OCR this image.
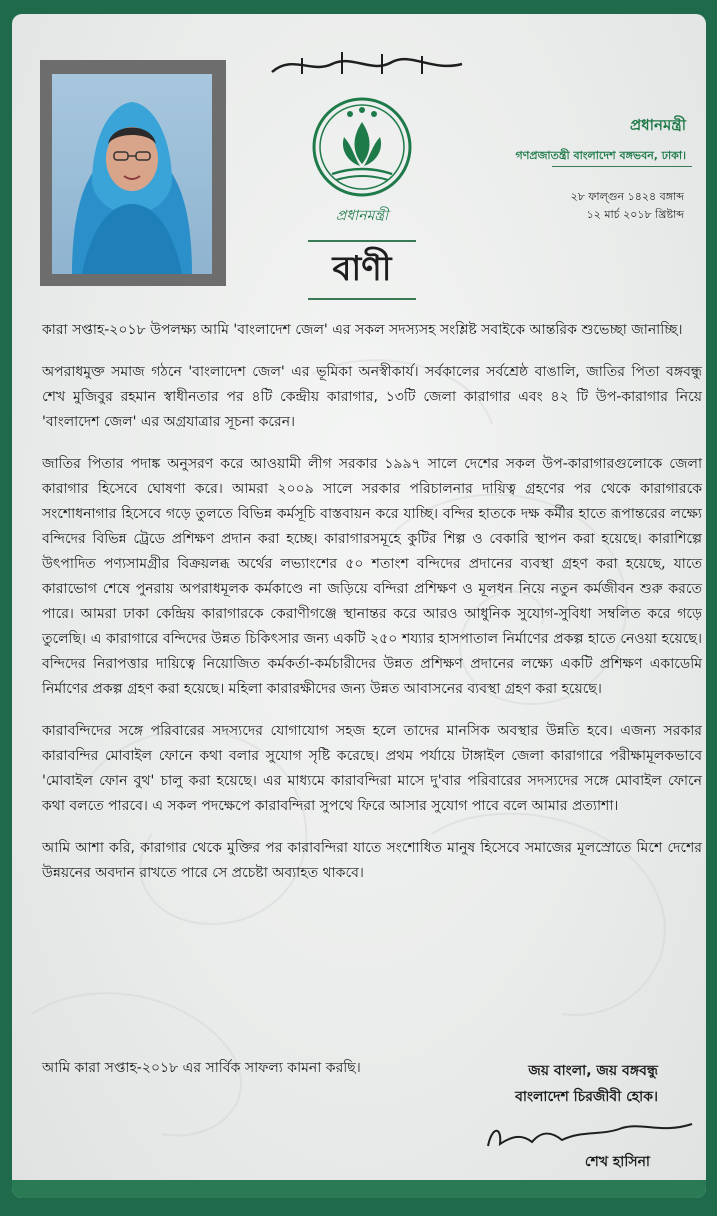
প্রধানমন্ত্রী
বাণী
প্রধানমন্ত্রী
গণপ্রজাতন্ত্রী বাংলাদেশ বঙ্গভবন, ঢাকা।
২৮ ফাল্গুন ১৪২৪ বঙ্গাব্দ
১২ মার্চ ২০১৮ খ্রিষ্টাব্দ

কারা সপ্তাহ-২০১৮ উপলক্ষ্য আমি 'বাংলাদেশ জেল' এর সকল সদস্যসহ সংশ্লিষ্ট সবাইকে আন্তরিক শুভেচ্ছা জানাচ্ছি।

অপরাধমুক্ত সমাজ গঠনে 'বাংলাদেশ জেল' এর ভূমিকা অনস্বীকার্য। সর্বকালের সর্বশ্রেষ্ঠ বাঙালি, জাতির পিতা বঙ্গবন্ধু শেখ মুজিবুর রহমান স্বাধীনতার পর ৪টি কেন্দ্রীয় কারাগার, ১৩টি জেলা কারাগার এবং ৪২ টি উপ-কারাগার নিয়ে 'বাংলাদেশ জেল' এর অগ্রযাত্রার সূচনা করেন।

জাতির পিতার পদাঙ্ক অনুসরণ করে আওয়ামী লীগ সরকার ১৯৯৭ সালে দেশের সকল উপ-কারাগারগুলোকে জেলা কারাগার হিসেবে ঘোষণা করে। আমরা ২০০৯ সালে সরকার পরিচালনার দায়িত্ব গ্রহণের পর থেকে কারাগারকে সংশোধনাগার হিসেবে গড়ে তুলতে বিভিন্ন কর্মসূচি বাস্তবায়ন করে যাচ্ছি। বন্দির হাতকে দক্ষ কর্মীর হাতে রূপান্তরের লক্ষ্যে বন্দিদের বিভিন্ন ট্রেডে প্রশিক্ষণ প্রদান করা হচ্ছে। কারাগারসমূহে কুটির শিল্প ও বেকারি স্থাপন করা হয়েছে। কারাশিল্পে উৎপাদিত পণ্যসামগ্রীর বিক্রয়লব্ধ অর্থের লভ্যাংশের ৫০ শতাংশ বন্দিদের প্রদানের ব্যবস্থা গ্রহণ করা হয়েছে, যাতে কারাভোগ শেষে পুনরায় অপরাধমূলক কর্মকাণ্ডে না জড়িয়ে বন্দিরা প্রশিক্ষণ ও মূলধন নিয়ে নতুন কর্মজীবন শুরু করতে পারে। আমরা ঢাকা কেন্দ্রিয় কারাগারকে কেরাণীগঞ্জে স্থানান্তর করে আরও আধুনিক সুযোগ-সুবিধা সম্বলিত করে গড়ে তুলেছি। এ কারাগারে বন্দিদের উন্নত চিকিৎসার জন্য একটি ২৫০ শয্যার হাসপাতাল নির্মাণের প্রকল্প হাতে নেওয়া হয়েছে। বন্দিদের নিরাপত্তার দায়িত্বে নিয়োজিত কর্মকর্তা-কর্মচারীদের উন্নত প্রশিক্ষণ প্রদানের লক্ষ্যে একটি প্রশিক্ষণ একাডেমি নির্মাণের প্রকল্প গ্রহণ করা হয়েছে। মহিলা কারারক্ষীদের জন্য উন্নত আবাসনের ব্যবস্থা গ্রহণ করা হয়েছে।

কারাবন্দিদের সঙ্গে পরিবারের সদস্যদের যোগাযোগ সহজ হলে তাদের মানসিক অবস্থার উন্নতি হবে। এজন্য সরকার কারাবন্দির মোবাইল ফোনে কথা বলার সুযোগ সৃষ্টি করেছে। প্রথম পর্যায়ে টাঙ্গাইল জেলা কারাগারে পরীক্ষামূলকভাবে 'মোবাইল ফোন বুথ' চালু করা হয়েছে। এর মাধ্যমে কারাবন্দিরা মাসে দু'বার পরিবারের সদস্যদের সঙ্গে মোবাইল ফোনে কথা বলতে পারবে। এ সকল পদক্ষেপে কারাবন্দিরা সুপথে ফিরে আসার সুযোগ পাবে বলে আমার প্রত্যাশা।

আমি আশা করি, কারাগার থেকে মুক্তির পর কারাবন্দিরা যাতে সংশোধিত মানুষ হিসেবে সমাজের মূলস্রোতে মিশে দেশের উন্নয়নের অবদান রাখতে পারে সে প্রচেষ্টা অব্যাহত থাকবে।

আমি কারা সপ্তাহ-২০১৮ এর সার্বিক সাফল্য কামনা করছি।	জয় বাংলা, জয় বঙ্গবন্ধু
বাংলাদেশ চিরজীবী হোক।
শেখ হাসিনা
